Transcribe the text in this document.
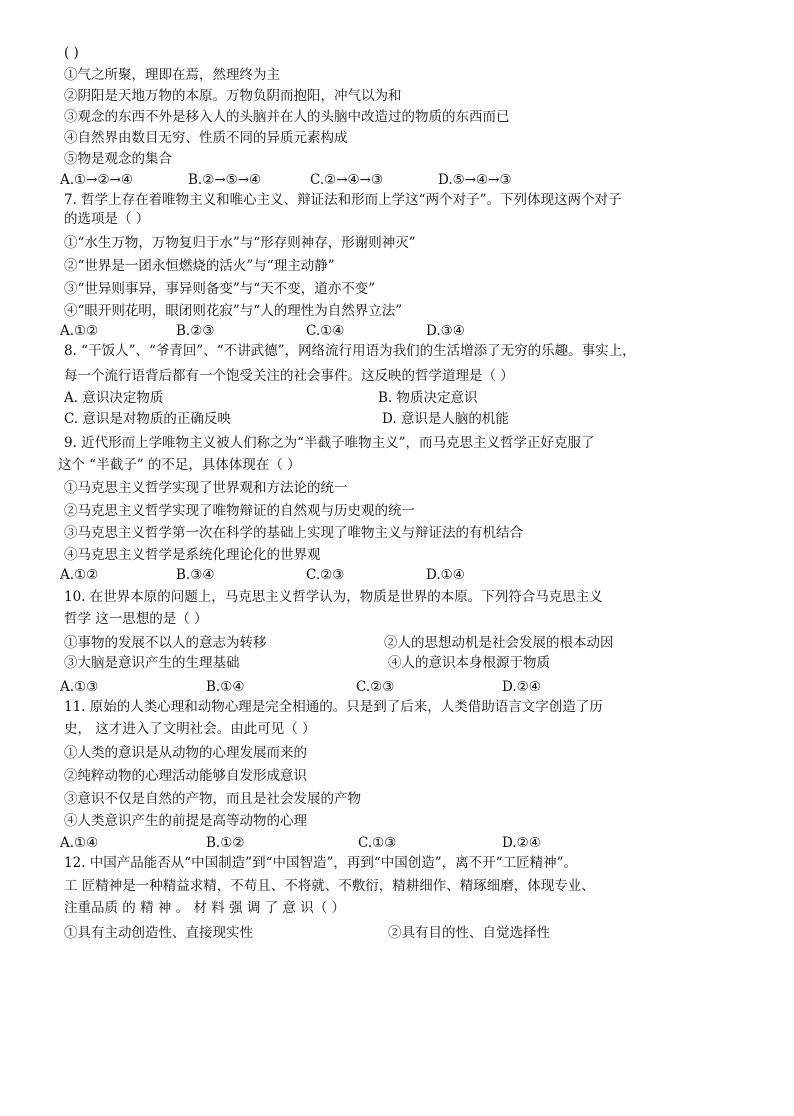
( )
①气之所聚，理即在焉，然理终为主
②阴阳是天地万物的本原。万物负阴而抱阳，冲气以为和
③观念的东西不外是移入人的头脑并在人的头脑中改造过的物质的东西而已
④自然界由数目无穷、性质不同的异质元素构成
⑤物是观念的集合
A.①→②→④	B.②→⑤→④	C.②→④→③	D.⑤→④→③
7. 哲学上存在着唯物主义和唯心主义、辩证法和形而上学这“两个对子”。下列体现这两个对子
的选项是（ ）
①“水生万物，万物复归于水”与“形存则神存，形谢则神灭”
②“世界是一团永恒燃烧的活火”与“理主动静”
③“世异则事异，事异则备变”与“天不变，道亦不变”
④“眼开则花明，眼闭则花寂”与“人的理性为自然界立法”
A.①②	B.②③	C.①④	D.③④
8. “干饭人”、“爷青回”、“不讲武德”，网络流行用语为我们的生活增添了无穷的乐趣。事实上，
每一个流行语背后都有一个饱受关注的社会事件。这反映的哲学道理是（ ）
A. 意识决定物质	B. 物质决定意识
C. 意识是对物质的正确反映	D. 意识是人脑的机能
9. 近代形而上学唯物主义被人们称之为“半截子唯物主义”，而马克思主义哲学正好克服了
这个 “半截子” 的不足，具体体现在（ ）
①马克思主义哲学实现了世界观和方法论的统一
②马克思主义哲学实现了唯物辩证的自然观与历史观的统一
③马克思主义哲学第一次在科学的基础上实现了唯物主义与辩证法的有机结合
④马克思主义哲学是系统化理论化的世界观
A.①②	B.③④	C.②③	D.①④
10. 在世界本原的问题上，马克思主义哲学认为，物质是世界的本原。下列符合马克思主义
哲学 这一思想的是（ ）
①事物的发展不以人的意志为转移	②人的思想动机是社会发展的根本动因
③大脑是意识产生的生理基础	④人的意识本身根源于物质
A.①③	B.①④	C.②③	D.②④
11. 原始的人类心理和动物心理是完全相通的。只是到了后来，人类借助语言文字创造了历
史， 这才进入了文明社会。由此可见（ ）
①人类的意识是从动物的心理发展而来的
②纯粹动物的心理活动能够自发形成意识
③意识不仅是自然的产物，而且是社会发展的产物
④人类意识产生的前提是高等动物的心理
A.①④	B.①②	C.①③	D.②④
12. 中国产品能否从“中国制造”到“中国智造”，再到“中国创造”，离不开“工匠精神”。
工 匠精神是一种精益求精，不苟且、不将就、不敷衍，精耕细作、精琢细磨，体现专业、
注重品质 的 精 神 。 材 料 强 调 了 意 识（ ）
①具有主动创造性、直接现实性	②具有目的性、自觉选择性
